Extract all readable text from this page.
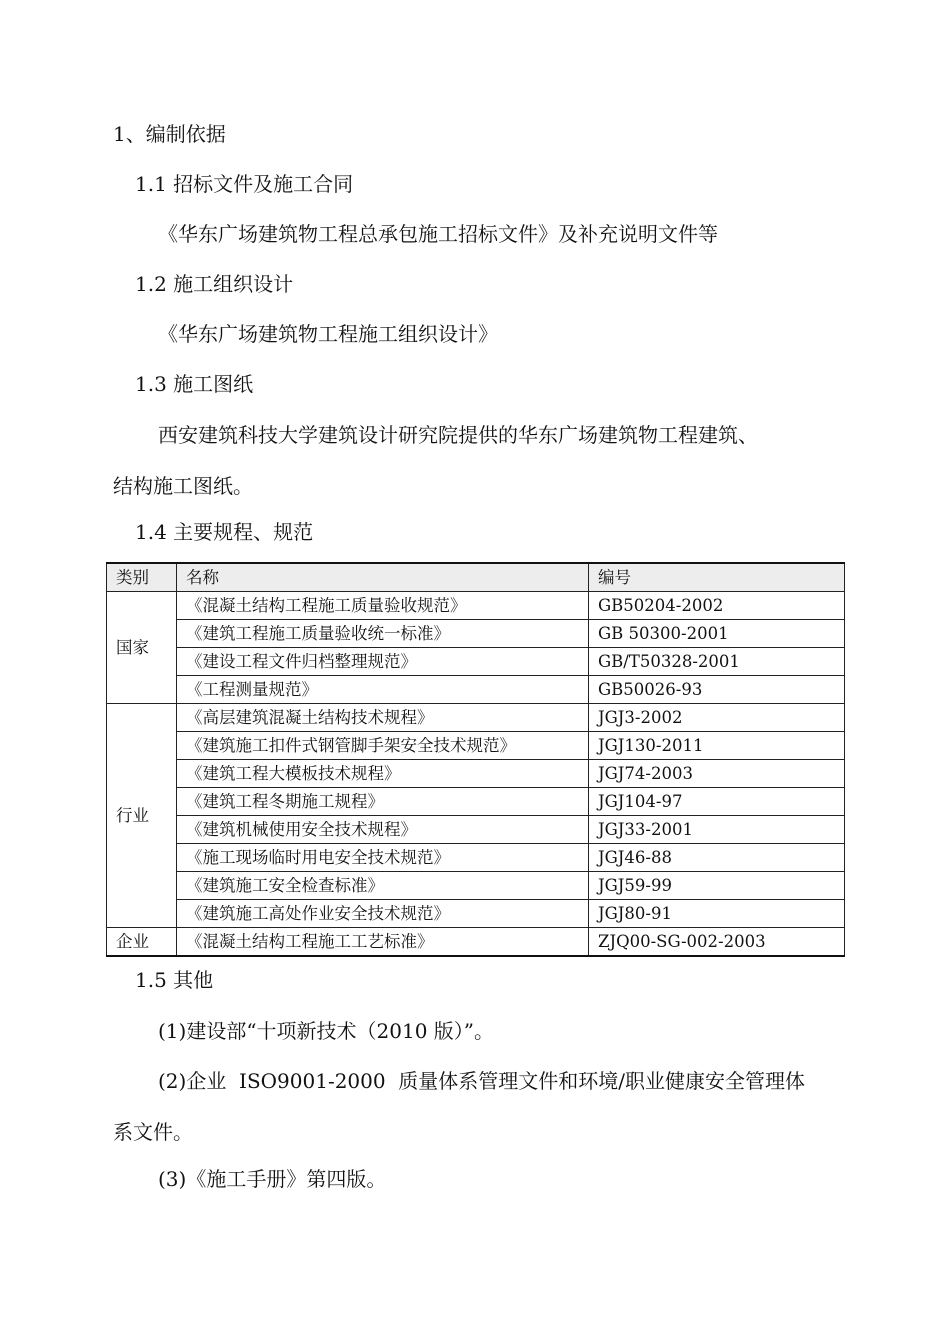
1、编制依据
1.1 招标文件及施工合同
《华东广场建筑物工程总承包施工招标文件》及补充说明文件等
1.2 施工组织设计
《华东广场建筑物工程施工组织设计》
1.3 施工图纸
西安建筑科技大学建筑设计研究院提供的华东广场建筑物工程建筑、
结构施工图纸。
1.4 主要规程、规范
类别	名称	编号
国家	《混凝土结构工程施工质量验收规范》	GB50204-2002
	《建筑工程施工质量验收统一标准》	GB 50300-2001
	《建设工程文件归档整理规范》	GB/T50328-2001
	《工程测量规范》	GB50026-93
行业	《高层建筑混凝土结构技术规程》	JGJ3-2002
	《建筑施工扣件式钢管脚手架安全技术规范》	JGJ130-2011
	《建筑工程大模板技术规程》	JGJ74-2003
	《建筑工程冬期施工规程》	JGJ104-97
	《建筑机械使用安全技术规程》	JGJ33-2001
	《施工现场临时用电安全技术规范》	JGJ46-88
	《建筑施工安全检查标准》	JGJ59-99
	《建筑施工高处作业安全技术规范》	JGJ80-91
企业	《混凝土结构工程施工工艺标准》	ZJQ00-SG-002-2003
1.5 其他
(1)建设部“十项新技术（2010 版）”。
(2)企业  ISO9001-2000  质量体系管理文件和环境/职业健康安全管理体
系文件。
(3)《施工手册》第四版。
